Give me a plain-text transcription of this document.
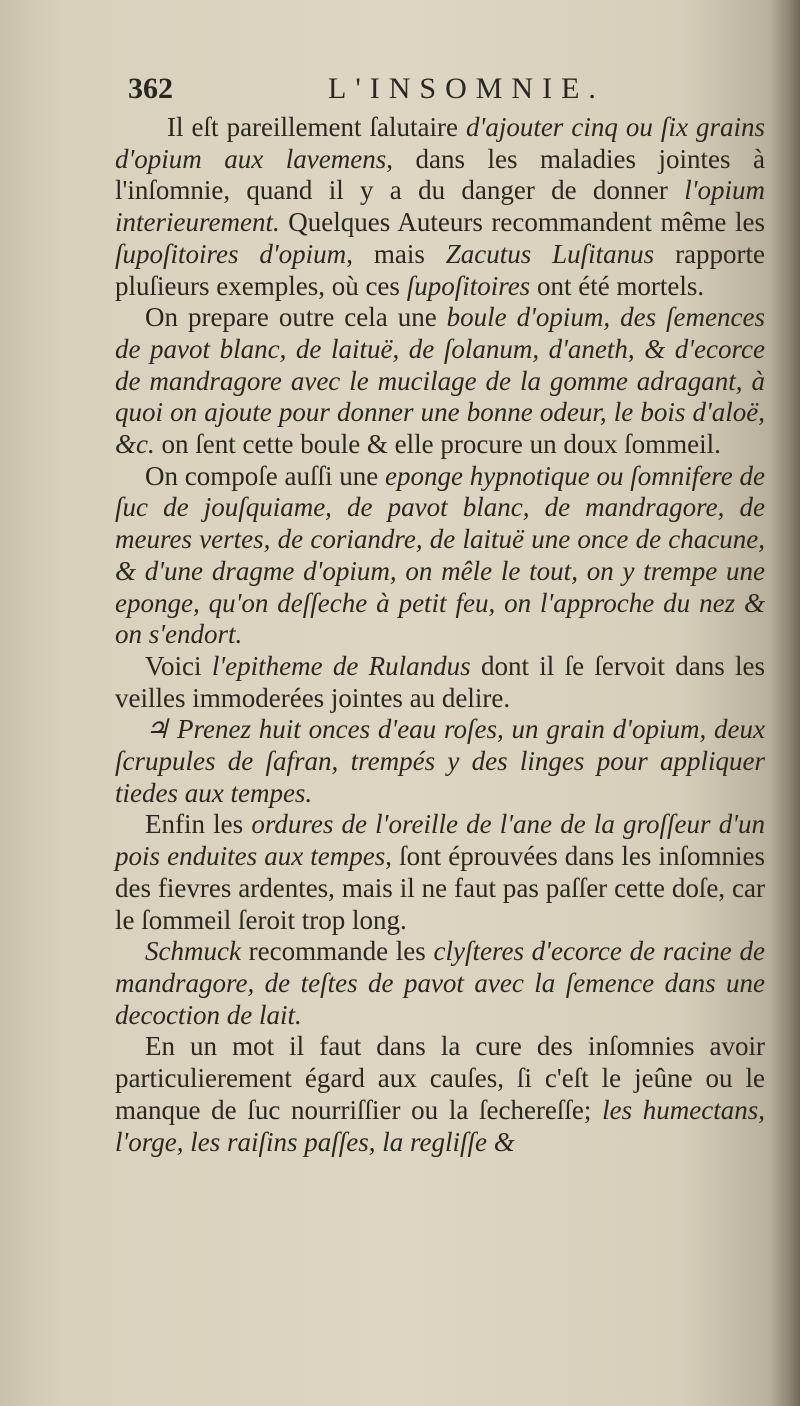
362	L'INSOMNIE.

Il eſt pareillement ſalutaire d'ajouter cinq ou ſix grains d'opium aux lavemens, dans les maladies jointes à l'inſomnie, quand il y a du danger de donner l'opium interieurement. Quelques Auteurs recommandent même les ſupoſitoires d'opium, mais Zacutus Luſitanus rapporte pluſieurs exemples, où ces ſupoſitoires ont été mortels.

On prepare outre cela une boule d'opium, des ſemences de pavot blanc, de laituë, de ſolanum, d'aneth, & d'ecorce de mandragore avec le mucilage de la gomme adragant, à quoi on ajoute pour donner une bonne odeur, le bois d'aloë, &c. on ſent cette boule & elle procure un doux ſommeil.

On compoſe auſſi une eponge hypnotique ou ſomnifere de ſuc de jouſquiame, de pavot blanc, de mandragore, de meures vertes, de coriandre, de laituë une once de chacune, & d'une dragme d'opium, on mêle le tout, on y trempe une eponge, qu'on deſſeche à petit feu, on l'approche du nez & on s'endort.

Voici l'epitheme de Rulandus dont il ſe ſervoit dans les veilles immoderées jointes au delire.

♃ Prenez huit onces d'eau roſes, un grain d'opium, deux ſcrupules de ſafran, trempés y des linges pour appliquer tiedes aux tempes.

Enfin les ordures de l'oreille de l'ane de la groſſeur d'un pois enduites aux tempes, ſont éprouvées dans les inſomnies des fievres ardentes, mais il ne faut pas paſſer cette doſe, car le ſommeil ſeroit trop long.

Schmuck recommande les clyſteres d'ecorce de racine de mandragore, de teſtes de pavot avec la ſemence dans une decoction de lait.

En un mot il faut dans la cure des inſomnies avoir particulierement égard aux cauſes, ſi c'eſt le jeûne ou le manque de ſuc nourriſſier ou la ſechereſſe; les humectans, l'orge, les raiſins paſſes, la regliſſe &
